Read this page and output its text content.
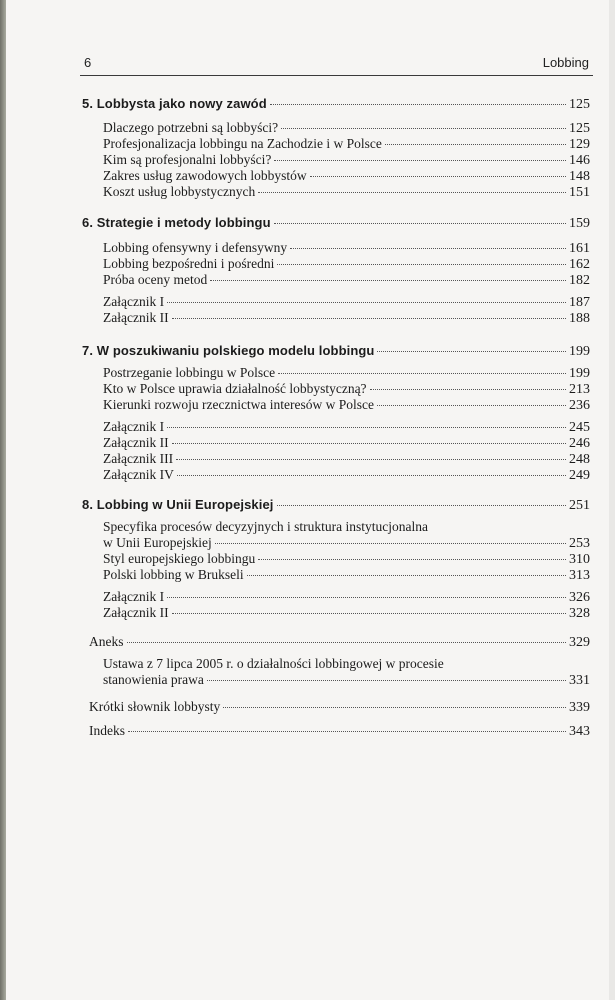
6	Lobbing
5. Lobbysta jako nowy zawód	125
Dlaczego potrzebni są lobbyści?	125
Profesjonalizacja lobbingu na Zachodzie i w Polsce	129
Kim są profesjonalni lobbyści?	146
Zakres usług zawodowych lobbystów	148
Koszt usług lobbystycznych	151
6. Strategie i metody lobbingu	159
Lobbing ofensywny i defensywny	161
Lobbing bezpośredni i pośredni	162
Próba oceny metod	182
Załącznik I	187
Załącznik II	188
7. W poszukiwaniu polskiego modelu lobbingu	199
Postrzeganie lobbingu w Polsce	199
Kto w Polsce uprawia działalność lobbystyczną?	213
Kierunki rozwoju rzecznictwa interesów w Polsce	236
Załącznik I	245
Załącznik II	246
Załącznik III	248
Załącznik IV	249
8. Lobbing w Unii Europejskiej	251
Specyfika procesów decyzyjnych i struktura instytucjonalna
w Unii Europejskiej	253
Styl europejskiego lobbingu	310
Polski lobbing w Brukseli	313
Załącznik I	326
Załącznik II	328
Aneks	329
Ustawa z 7 lipca 2005 r. o działalności lobbingowej w procesie
stanowienia prawa	331
Krótki słownik lobbysty	339
Indeks	343
